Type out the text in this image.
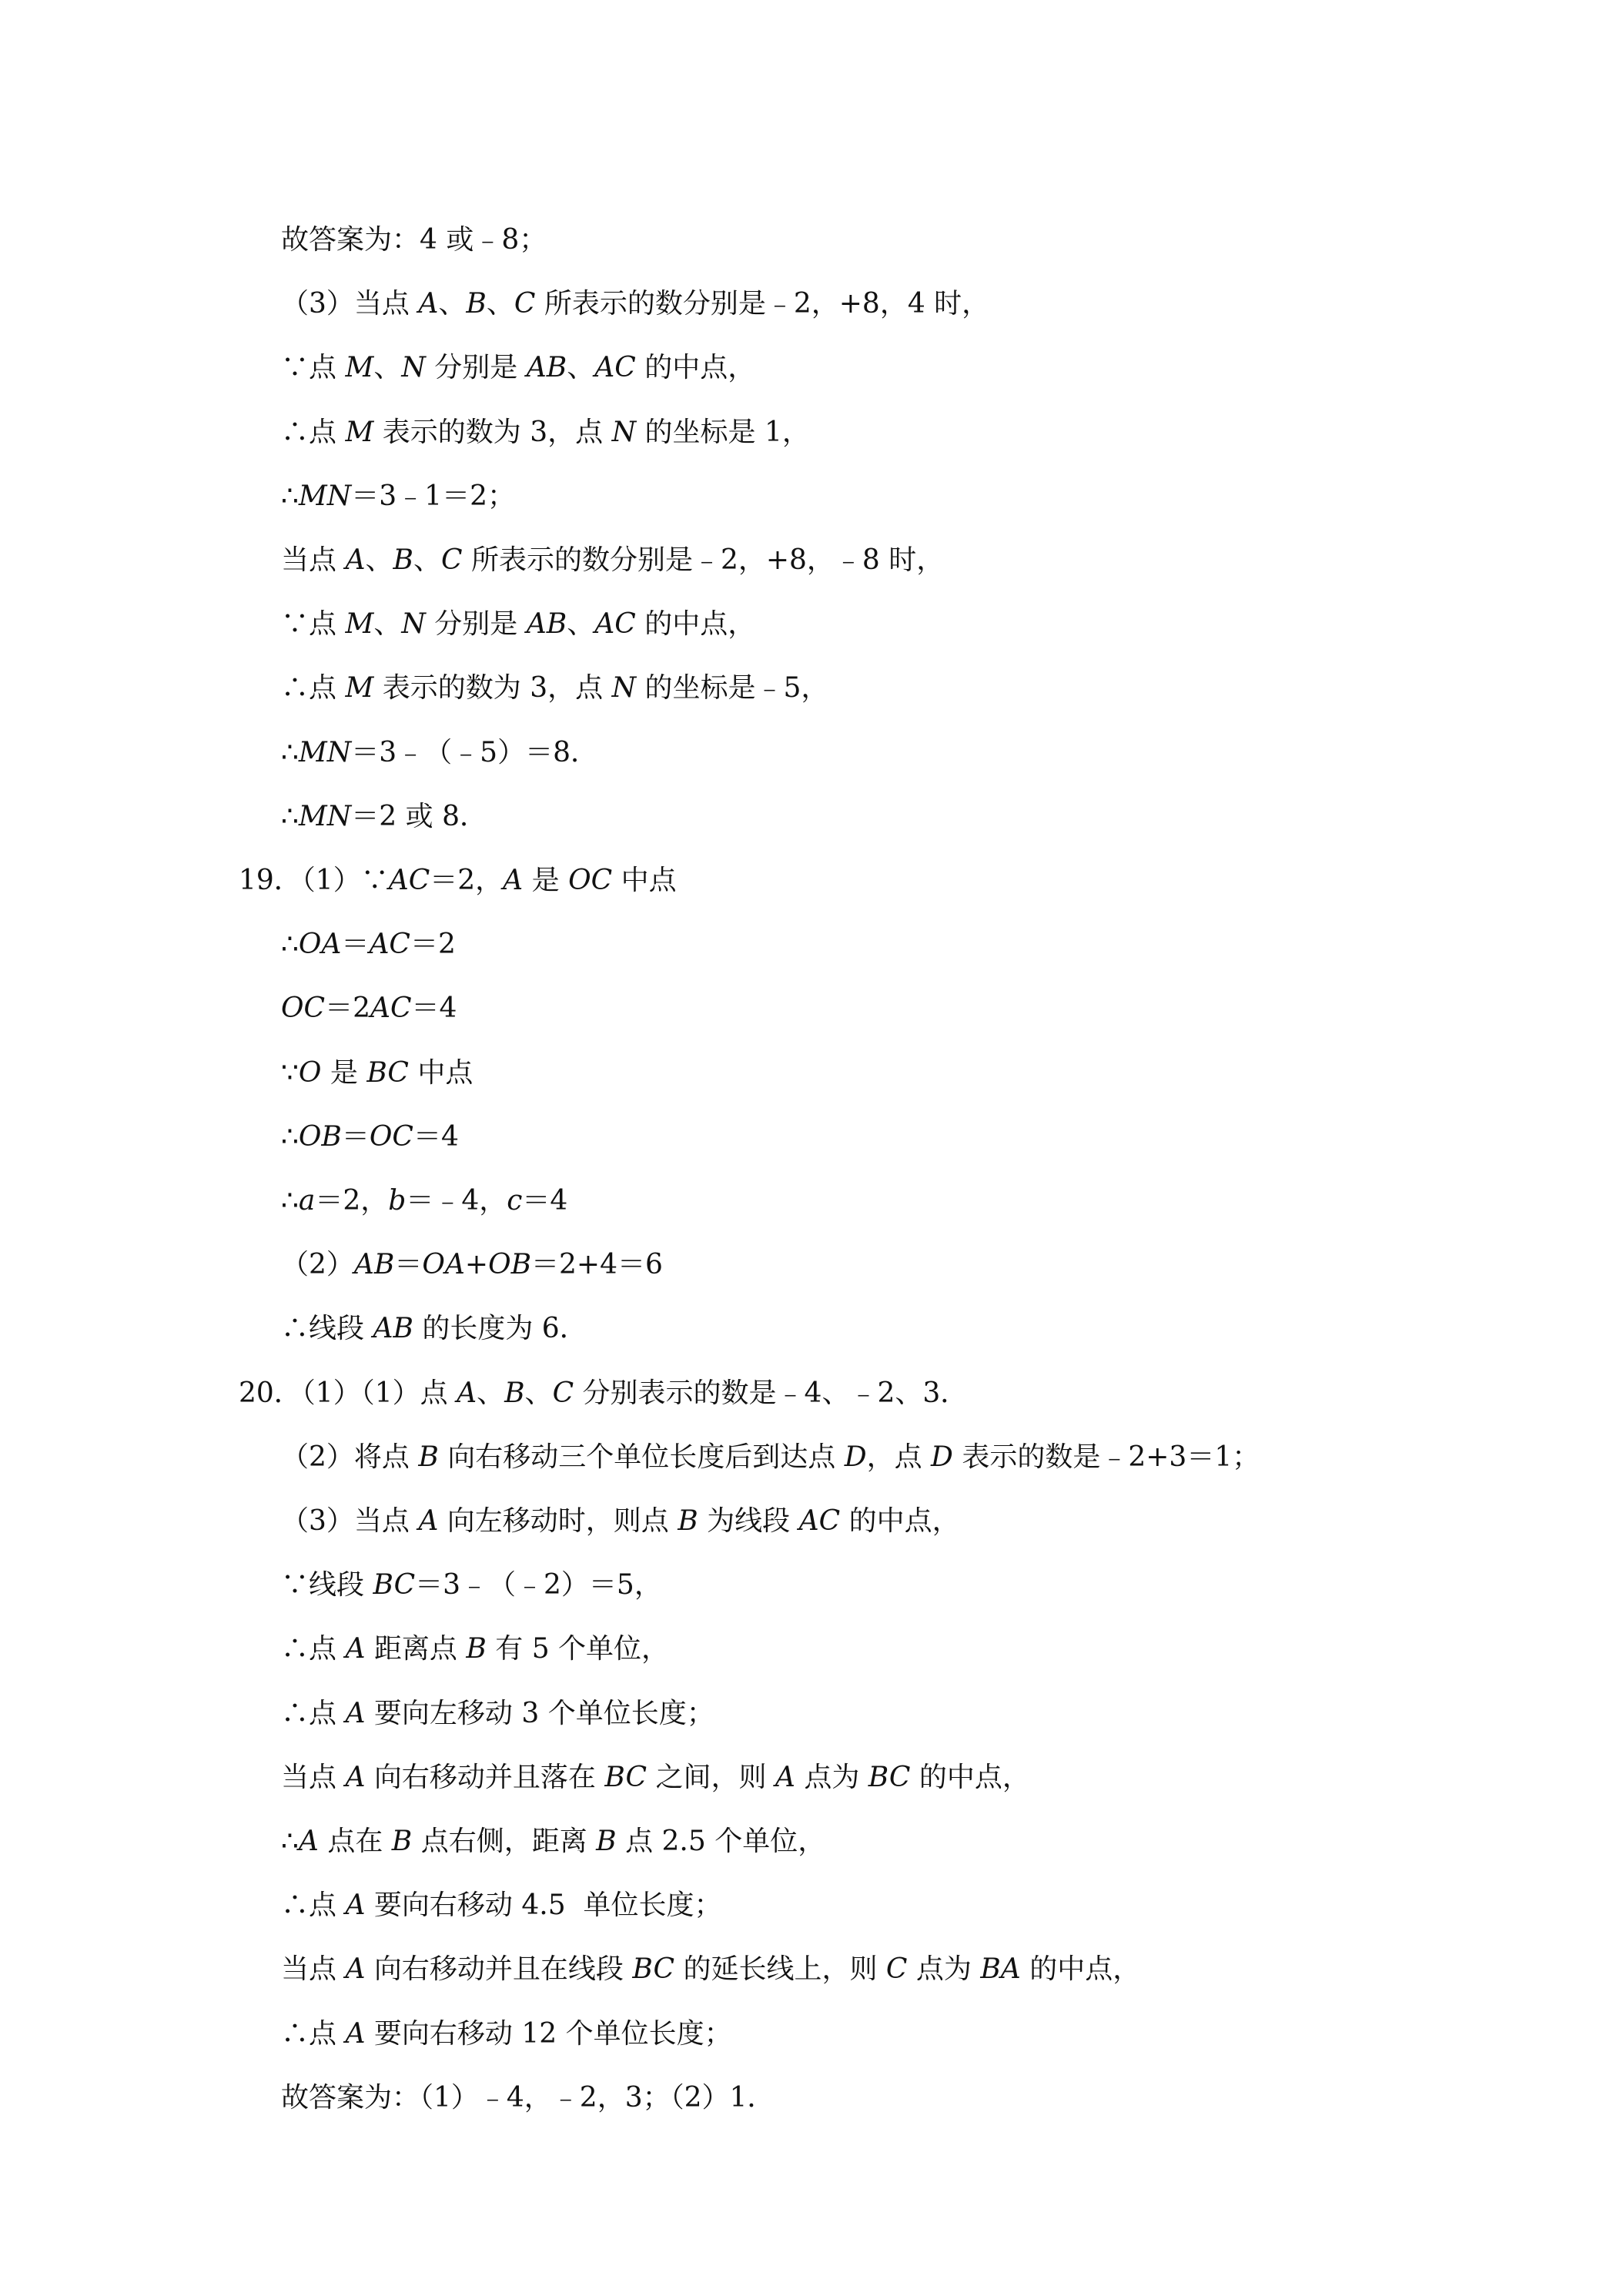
故答案为：4 或﹣8；
（3）当点 A、B、C 所表示的数分别是﹣2，+8，4 时，
∵点 M、N 分别是 AB、AC 的中点，
∴点 M 表示的数为 3，点 N 的坐标是 1，
∴MN＝3﹣1＝2；
当点 A、B、C 所表示的数分别是﹣2，+8，﹣8 时，
∵点 M、N 分别是 AB、AC 的中点，
∴点 M 表示的数为 3，点 N 的坐标是﹣5，
∴MN＝3﹣（﹣5）＝8．
∴MN＝2 或 8．
19．（1）∵AC＝2，A 是 OC 中点
∴OA＝AC＝2
OC＝2AC＝4
∵O 是 BC 中点
∴OB＝OC＝4
∴a＝2，b＝﹣4，c＝4
（2）AB＝OA+OB＝2+4＝6
∴线段 AB 的长度为 6．
20．（1）（1）点 A、B、C 分别表示的数是﹣4、﹣2、3．
（2）将点 B 向右移动三个单位长度后到达点 D，点 D 表示的数是﹣2+3＝1；
（3）当点 A 向左移动时，则点 B 为线段 AC 的中点，
∵线段 BC＝3﹣（﹣2）＝5，
∴点 A 距离点 B 有 5 个单位，
∴点 A 要向左移动 3 个单位长度；
当点 A 向右移动并且落在 BC 之间，则 A 点为 BC 的中点，
∴A 点在 B 点右侧，距离 B 点 2.5 个单位，
∴点 A 要向右移动 4.5  单位长度；
当点 A 向右移动并且在线段 BC 的延长线上，则 C 点为 BA 的中点，
∴点 A 要向右移动 12 个单位长度；
故答案为：（1）﹣4，﹣2，3；（2）1．
